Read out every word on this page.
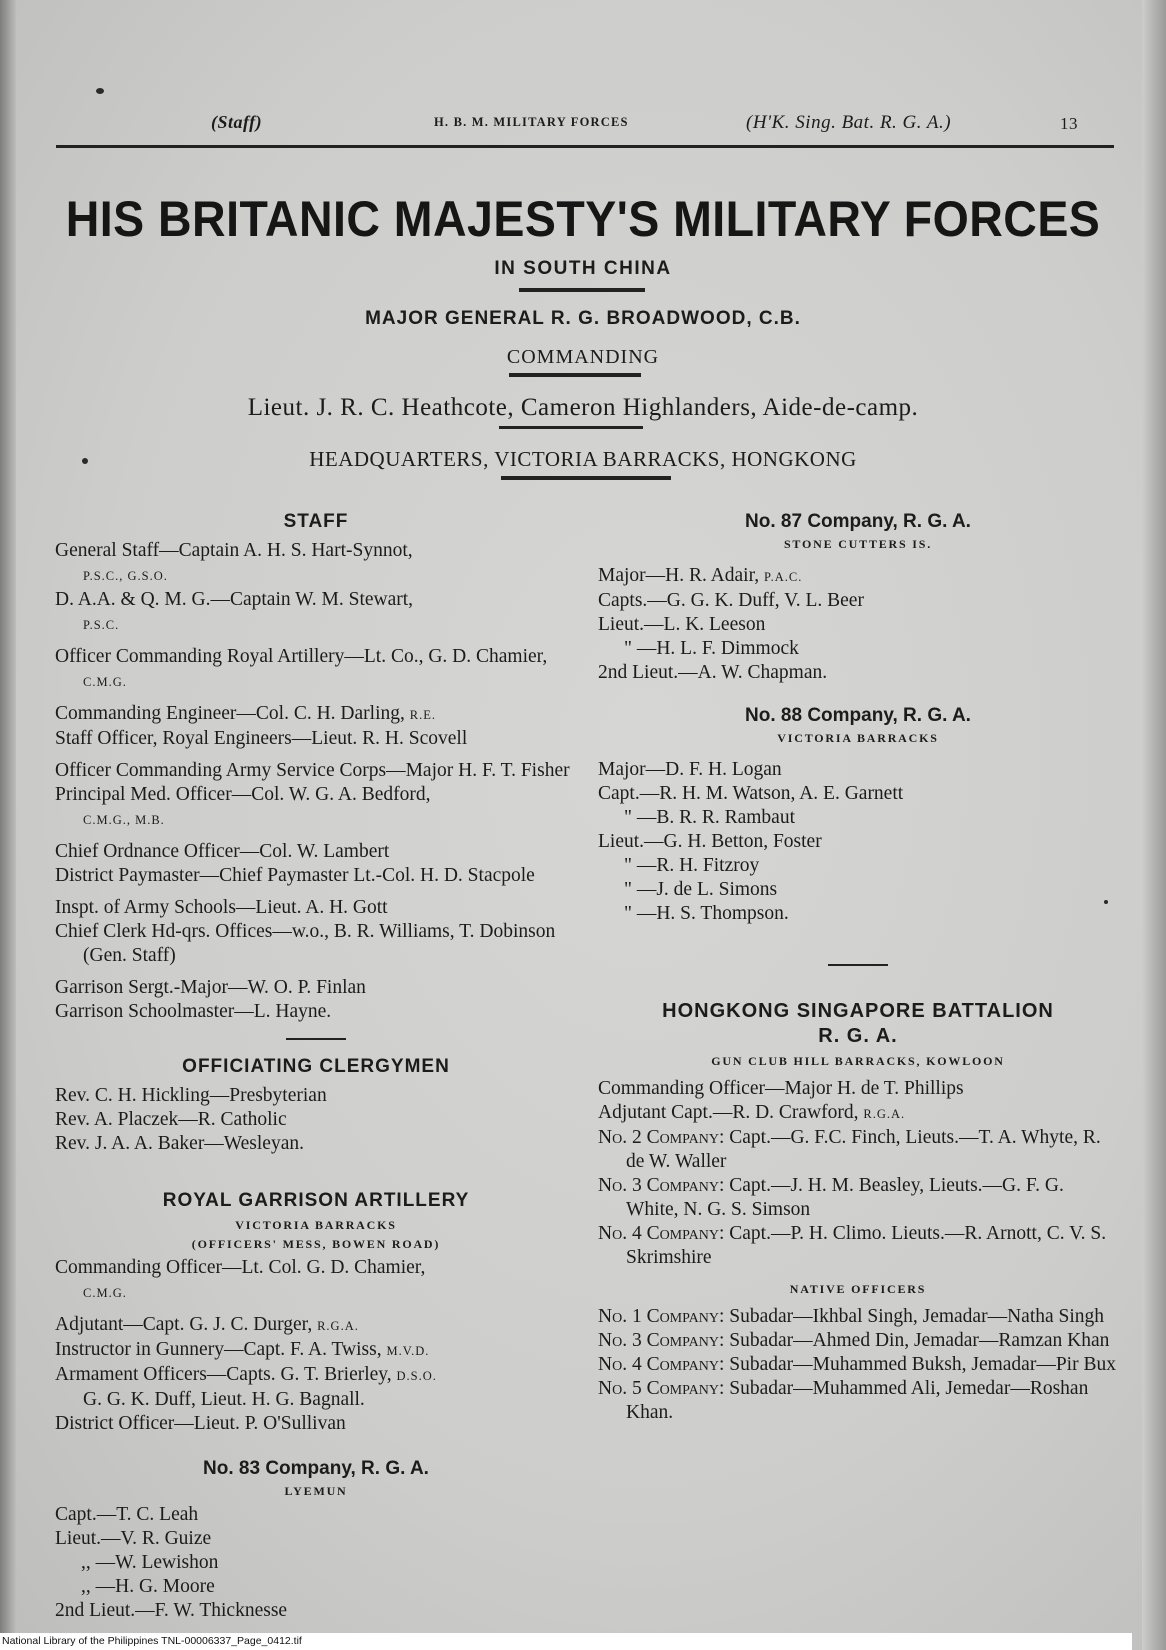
(Staff)	H. B. M. MILITARY FORCES	(H'K. Sing. Bat. R. G. A.)	13
HIS BRITANIC MAJESTY'S MILITARY FORCES
IN SOUTH CHINA
MAJOR GENERAL R. G. BROADWOOD, C.B.
COMMANDING
Lieut. J. R. C. Heathcote, Cameron Highlanders, Aide-de-camp.
HEADQUARTERS, VICTORIA BARRACKS, HONGKONG
STAFF

General Staff—Captain A. H. S. Hart-Synnot,
P.S.C., G.S.O.

D. A.A. & Q. M. G.—Captain W. M. Stewart,
P.S.C.

Officer Commanding Royal Artillery—Lt. Co., G. D. Chamier, C.M.G.

Commanding Engineer—Col. C. H. Darling, R.E.

Staff Officer, Royal Engineers—Lieut. R. H. Scovell

Officer Commanding Army Service Corps—Major H. F. T. Fisher

Principal Med. Officer—Col. W. G. A. Bedford,
C.M.G., M.B.

Chief Ordnance Officer—Col. W. Lambert

District Paymaster—Chief Paymaster Lt.-Col. H. D. Stacpole

Inspt. of Army Schools—Lieut. A. H. Gott

Chief Clerk Hd-qrs. Offices—w.o., B. R. Williams, T. Dobinson (Gen. Staff)

Garrison Sergt.-Major—W. O. P. Finlan

Garrison Schoolmaster—L. Hayne.

OFFICIATING CLERGYMEN

Rev. C. H. Hickling—Presbyterian

Rev. A. Placzek—R. Catholic

Rev. J. A. A. Baker—Wesleyan.

ROYAL GARRISON ARTILLERY
VICTORIA BARRACKS
(OFFICERS' MESS, BOWEN ROAD)

Commanding Officer—Lt. Col. G. D. Chamier,
C.M.G.

Adjutant—Capt. G. J. C. Durger, R.G.A.

Instructor in Gunnery—Capt. F. A. Twiss, M.V.D.

Armament Officers—Capts. G. T. Brierley, D.S.O.
G. G. K. Duff, Lieut. H. G. Bagnall.

District Officer—Lieut. P. O'Sullivan

No. 83 Company, R. G. A.
LYEMUN

Capt.—T. C. Leah

Lieut.—V. R. Guize

,, —W. Lewishon

,, —H. G. Moore

2nd Lieut.—F. W. Thicknesse

No. 87 Company, R. G. A.
STONE CUTTERS IS.

Major—H. R. Adair, P.A.C.

Capts.—G. G. K. Duff, V. L. Beer

Lieut.—L. K. Leeson

" —H. L. F. Dimmock

2nd Lieut.—A. W. Chapman.

No. 88 Company, R. G. A.
VICTORIA BARRACKS

Major—D. F. H. Logan

Capt.—R. H. M. Watson, A. E. Garnett

" —B. R. R. Rambaut

Lieut.—G. H. Betton, Foster

" —R. H. Fitzroy

" —J. de L. Simons

" —H. S. Thompson.

HONGKONG SINGAPORE BATTALION
R. G. A.
GUN CLUB HILL BARRACKS, KOWLOON

Commanding Officer—Major H. de T. Phillips

Adjutant Capt.—R. D. Crawford, R.G.A.

No. 2 Company: Capt.—G. F.C. Finch, Lieuts.—T. A. Whyte, R. de W. Waller

No. 3 Company: Capt.—J. H. M. Beasley, Lieuts.—G. F. G. White, N. G. S. Simson

No. 4 Company: Capt.—P. H. Climo. Lieuts.—R. Arnott, C. V. S. Skrimshire

NATIVE OFFICERS

No. 1 Company: Subadar—Ikhbal Singh, Jemadar—Natha Singh

No. 3 Company: Subadar—Ahmed Din, Jemadar—Ramzan Khan

No. 4 Company: Subadar—Muhammed Buksh, Jemadar—Pir Bux

No. 5 Company: Subadar—Muhammed Ali, Jemedar—Roshan Khan.

National Library of the Philippines TNL-00006337_Page_0412.tif
